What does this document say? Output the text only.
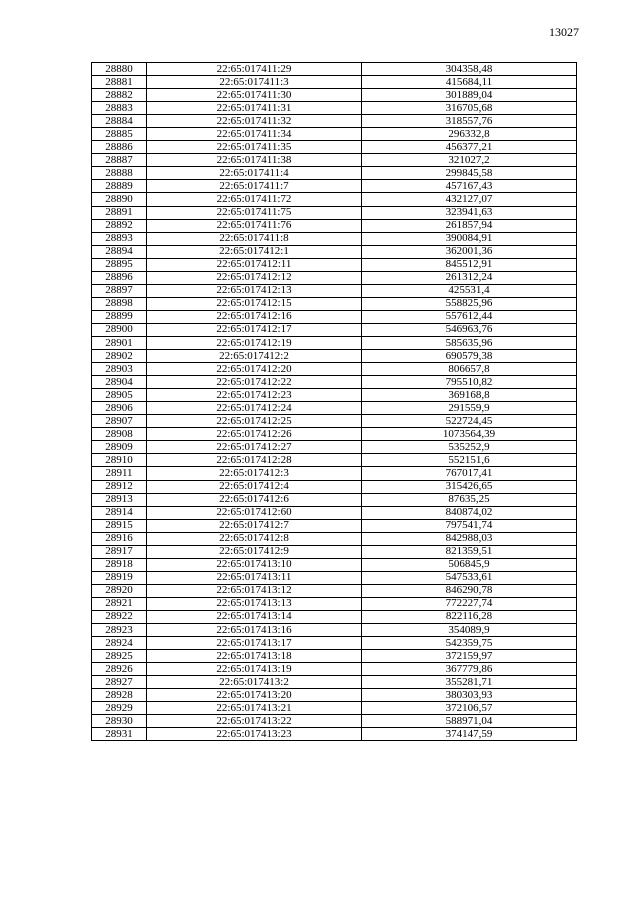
13027
28880	22:65:017411:29	304358,48
28881	22:65:017411:3	415684,11
28882	22:65:017411:30	301889,04
28883	22:65:017411:31	316705,68
28884	22:65:017411:32	318557,76
28885	22:65:017411:34	296332,8
28886	22:65:017411:35	456377,21
28887	22:65:017411:38	321027,2
28888	22:65:017411:4	299845,58
28889	22:65:017411:7	457167,43
28890	22:65:017411:72	432127,07
28891	22:65:017411:75	323941,63
28892	22:65:017411:76	261857,94
28893	22:65:017411:8	390084,91
28894	22:65:017412:1	362001,36
28895	22:65:017412:11	845512,91
28896	22:65:017412:12	261312,24
28897	22:65:017412:13	425531,4
28898	22:65:017412:15	558825,96
28899	22:65:017412:16	557612,44
28900	22:65:017412:17	546963,76
28901	22:65:017412:19	585635,96
28902	22:65:017412:2	690579,38
28903	22:65:017412:20	806657,8
28904	22:65:017412:22	795510,82
28905	22:65:017412:23	369168,8
28906	22:65:017412:24	291559,9
28907	22:65:017412:25	522724,45
28908	22:65:017412:26	1073564,39
28909	22:65:017412:27	535252,9
28910	22:65:017412:28	552151,6
28911	22:65:017412:3	767017,41
28912	22:65:017412:4	315426,65
28913	22:65:017412:6	87635,25
28914	22:65:017412:60	840874,02
28915	22:65:017412:7	797541,74
28916	22:65:017412:8	842988,03
28917	22:65:017412:9	821359,51
28918	22:65:017413:10	506845,9
28919	22:65:017413:11	547533,61
28920	22:65:017413:12	846290,78
28921	22:65:017413:13	772227,74
28922	22:65:017413:14	822116,28
28923	22:65:017413:16	354089,9
28924	22:65:017413:17	542359,75
28925	22:65:017413:18	372159,97
28926	22:65:017413:19	367779,86
28927	22:65:017413:2	355281,71
28928	22:65:017413:20	380303,93
28929	22:65:017413:21	372106,57
28930	22:65:017413:22	588971,04
28931	22:65:017413:23	374147,59
